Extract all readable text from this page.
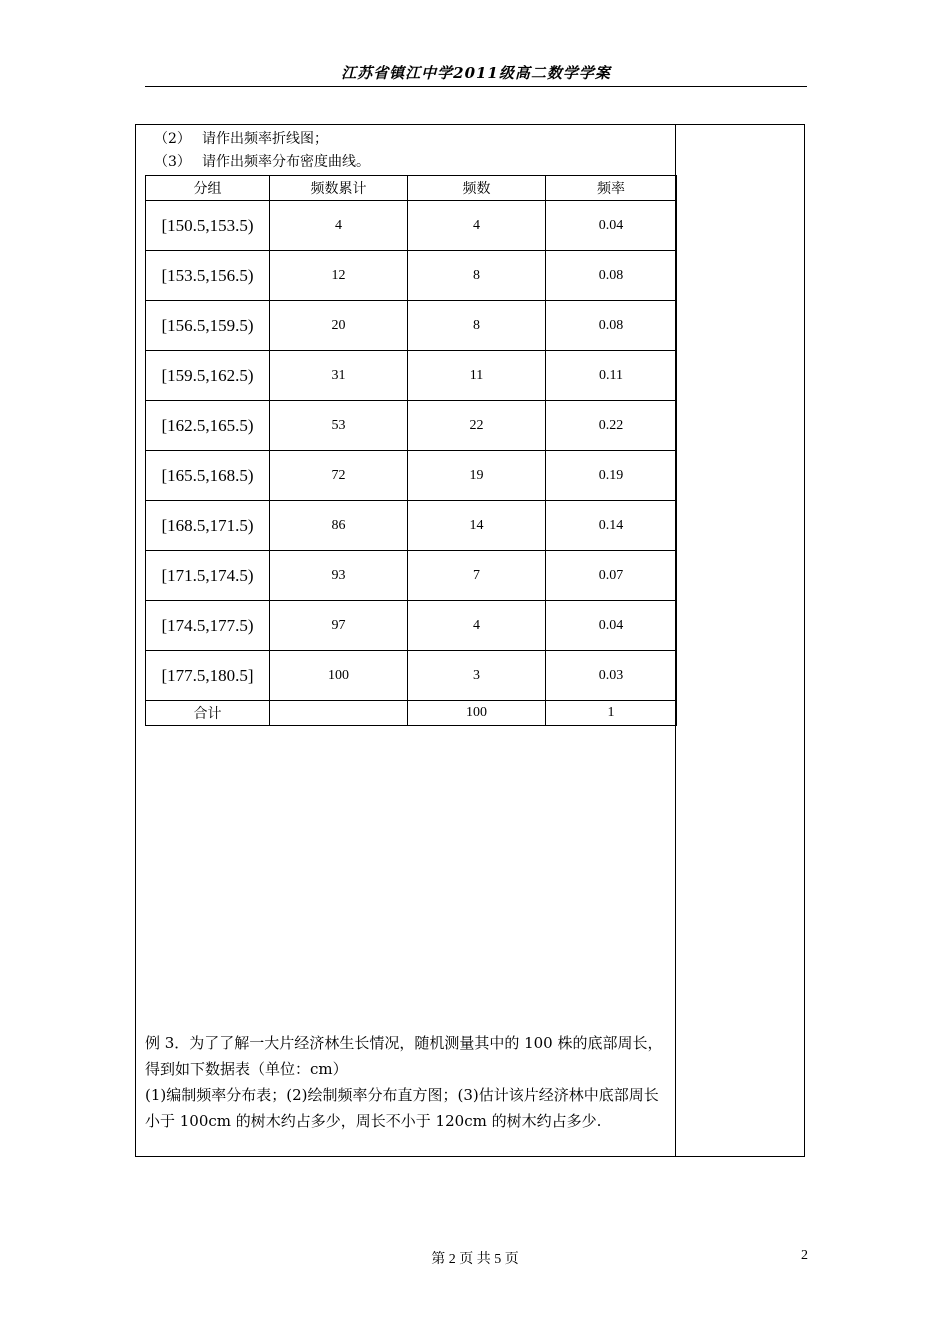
江苏省镇江中学2011级高二数学学案
（2） 请作出频率折线图；
（3） 请作出频率分布密度曲线。
分组	频数累计	频数	频率
[150.5,153.5)	4	4	0.04
[153.5,156.5)	12	8	0.08
[156.5,159.5)	20	8	0.08
[159.5,162.5)	31	11	0.11
[162.5,165.5)	53	22	0.22
[165.5,168.5)	72	19	0.19
[168.5,171.5)	86	14	0.14
[171.5,174.5)	93	7	0.07
[174.5,177.5)	97	4	0.04
[177.5,180.5]	100	3	0.03
合计		100	1

例 3．为了了解一大片经济林生长情况，随机测量其中的 100 株的底部周长，得到如下数据表（单位：cm）

(1)编制频率分布表；(2)绘制频率分布直方图；(3)估计该片经济林中底部周长小于 100cm 的树木约占多少，周长不小于 120cm 的树木约占多少.

第 2 页 共 5 页	2
